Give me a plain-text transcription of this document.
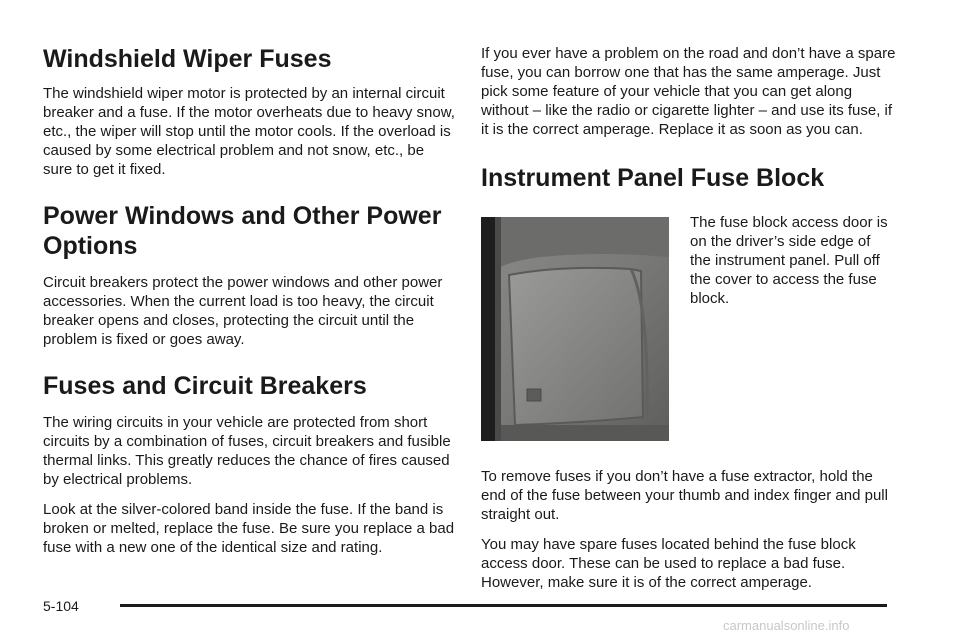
Windshield Wiper Fuses

The windshield wiper motor is protected by an internal circuit breaker and a fuse. If the motor overheats due to heavy snow, etc., the wiper will stop until the motor cools. If the overload is caused by some electrical problem and not snow, etc., be sure to get it fixed.

Power Windows and Other Power Options

Circuit breakers protect the power windows and other power accessories. When the current load is too heavy, the circuit breaker opens and closes, protecting the circuit until the problem is fixed or goes away.

Fuses and Circuit Breakers

The wiring circuits in your vehicle are protected from short circuits by a combination of fuses, circuit breakers and fusible thermal links. This greatly reduces the chance of fires caused by electrical problems.

Look at the silver-colored band inside the fuse. If the band is broken or melted, replace the fuse. Be sure you replace a bad fuse with a new one of the identical size and rating.

If you ever have a problem on the road and don’t have a spare fuse, you can borrow one that has the same amperage. Just pick some feature of your vehicle that you can get along without – like the radio or cigarette lighter – and use its fuse, if it is the correct amperage. Replace it as soon as you can.

Instrument Panel Fuse Block

The fuse block access door is on the driver’s side edge of the instrument panel. Pull off the cover to access the fuse block.

To remove fuses if you don’t have a fuse extractor, hold the end of the fuse between your thumb and index finger and pull straight out.

You may have spare fuses located behind the fuse block access door. These can be used to replace a bad fuse. However, make sure it is of the correct amperage.

5-104
carmanualsonline.info
